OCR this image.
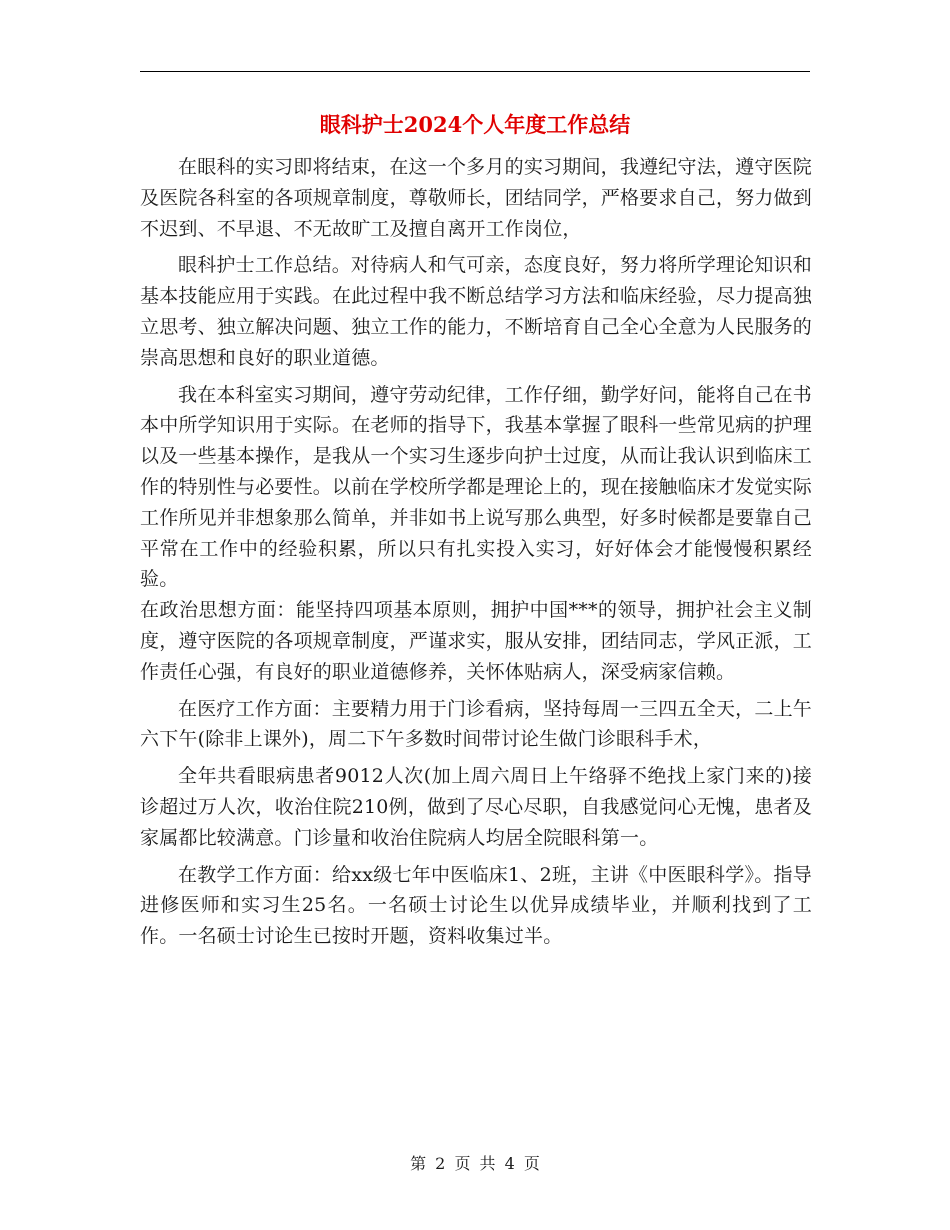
眼科护士2024个人年度工作总结

在眼科的实习即将结束，在这一个多月的实习期间，我遵纪守法，遵守医院及医院各科室的各项规章制度，尊敬师长，团结同学，严格要求自己，努力做到不迟到、不早退、不无故旷工及擅自离开工作岗位，

眼科护士工作总结。对待病人和气可亲，态度良好，努力将所学理论知识和基本技能应用于实践。在此过程中我不断总结学习方法和临床经验，尽力提高独立思考、独立解决问题、独立工作的能力，不断培育自己全心全意为人民服务的崇高思想和良好的职业道德。

我在本科室实习期间，遵守劳动纪律，工作仔细，勤学好问，能将自己在书本中所学知识用于实际。在老师的指导下，我基本掌握了眼科一些常见病的护理以及一些基本操作，是我从一个实习生逐步向护士过度，从而让我认识到临床工作的特别性与必要性。以前在学校所学都是理论上的，现在接触临床才发觉实际工作所见并非想象那么简单，并非如书上说写那么典型，好多时候都是要靠自己平常在工作中的经验积累，所以只有扎实投入实习，好好体会才能慢慢积累经验。

在政治思想方面：能坚持四项基本原则，拥护中国***的领导，拥护社会主义制度，遵守医院的各项规章制度，严谨求实，服从安排，团结同志，学风正派，工作责任心强，有良好的职业道德修养，关怀体贴病人，深受病家信赖。

在医疗工作方面：主要精力用于门诊看病，坚持每周一三四五全天，二上午六下午(除非上课外)，周二下午多数时间带讨论生做门诊眼科手术，

全年共看眼病患者9012人次(加上周六周日上午络驿不绝找上家门来的)接诊超过万人次，收治住院210例，做到了尽心尽职，自我感觉问心无愧，患者及家属都比较满意。门诊量和收治住院病人均居全院眼科第一。

在教学工作方面：给xx级七年中医临床1、2班，主讲《中医眼科学》。指导进修医师和实习生25名。一名硕士讨论生以优异成绩毕业，并顺利找到了工作。一名硕士讨论生已按时开题，资料收集过半。

第 2 页 共 4 页
